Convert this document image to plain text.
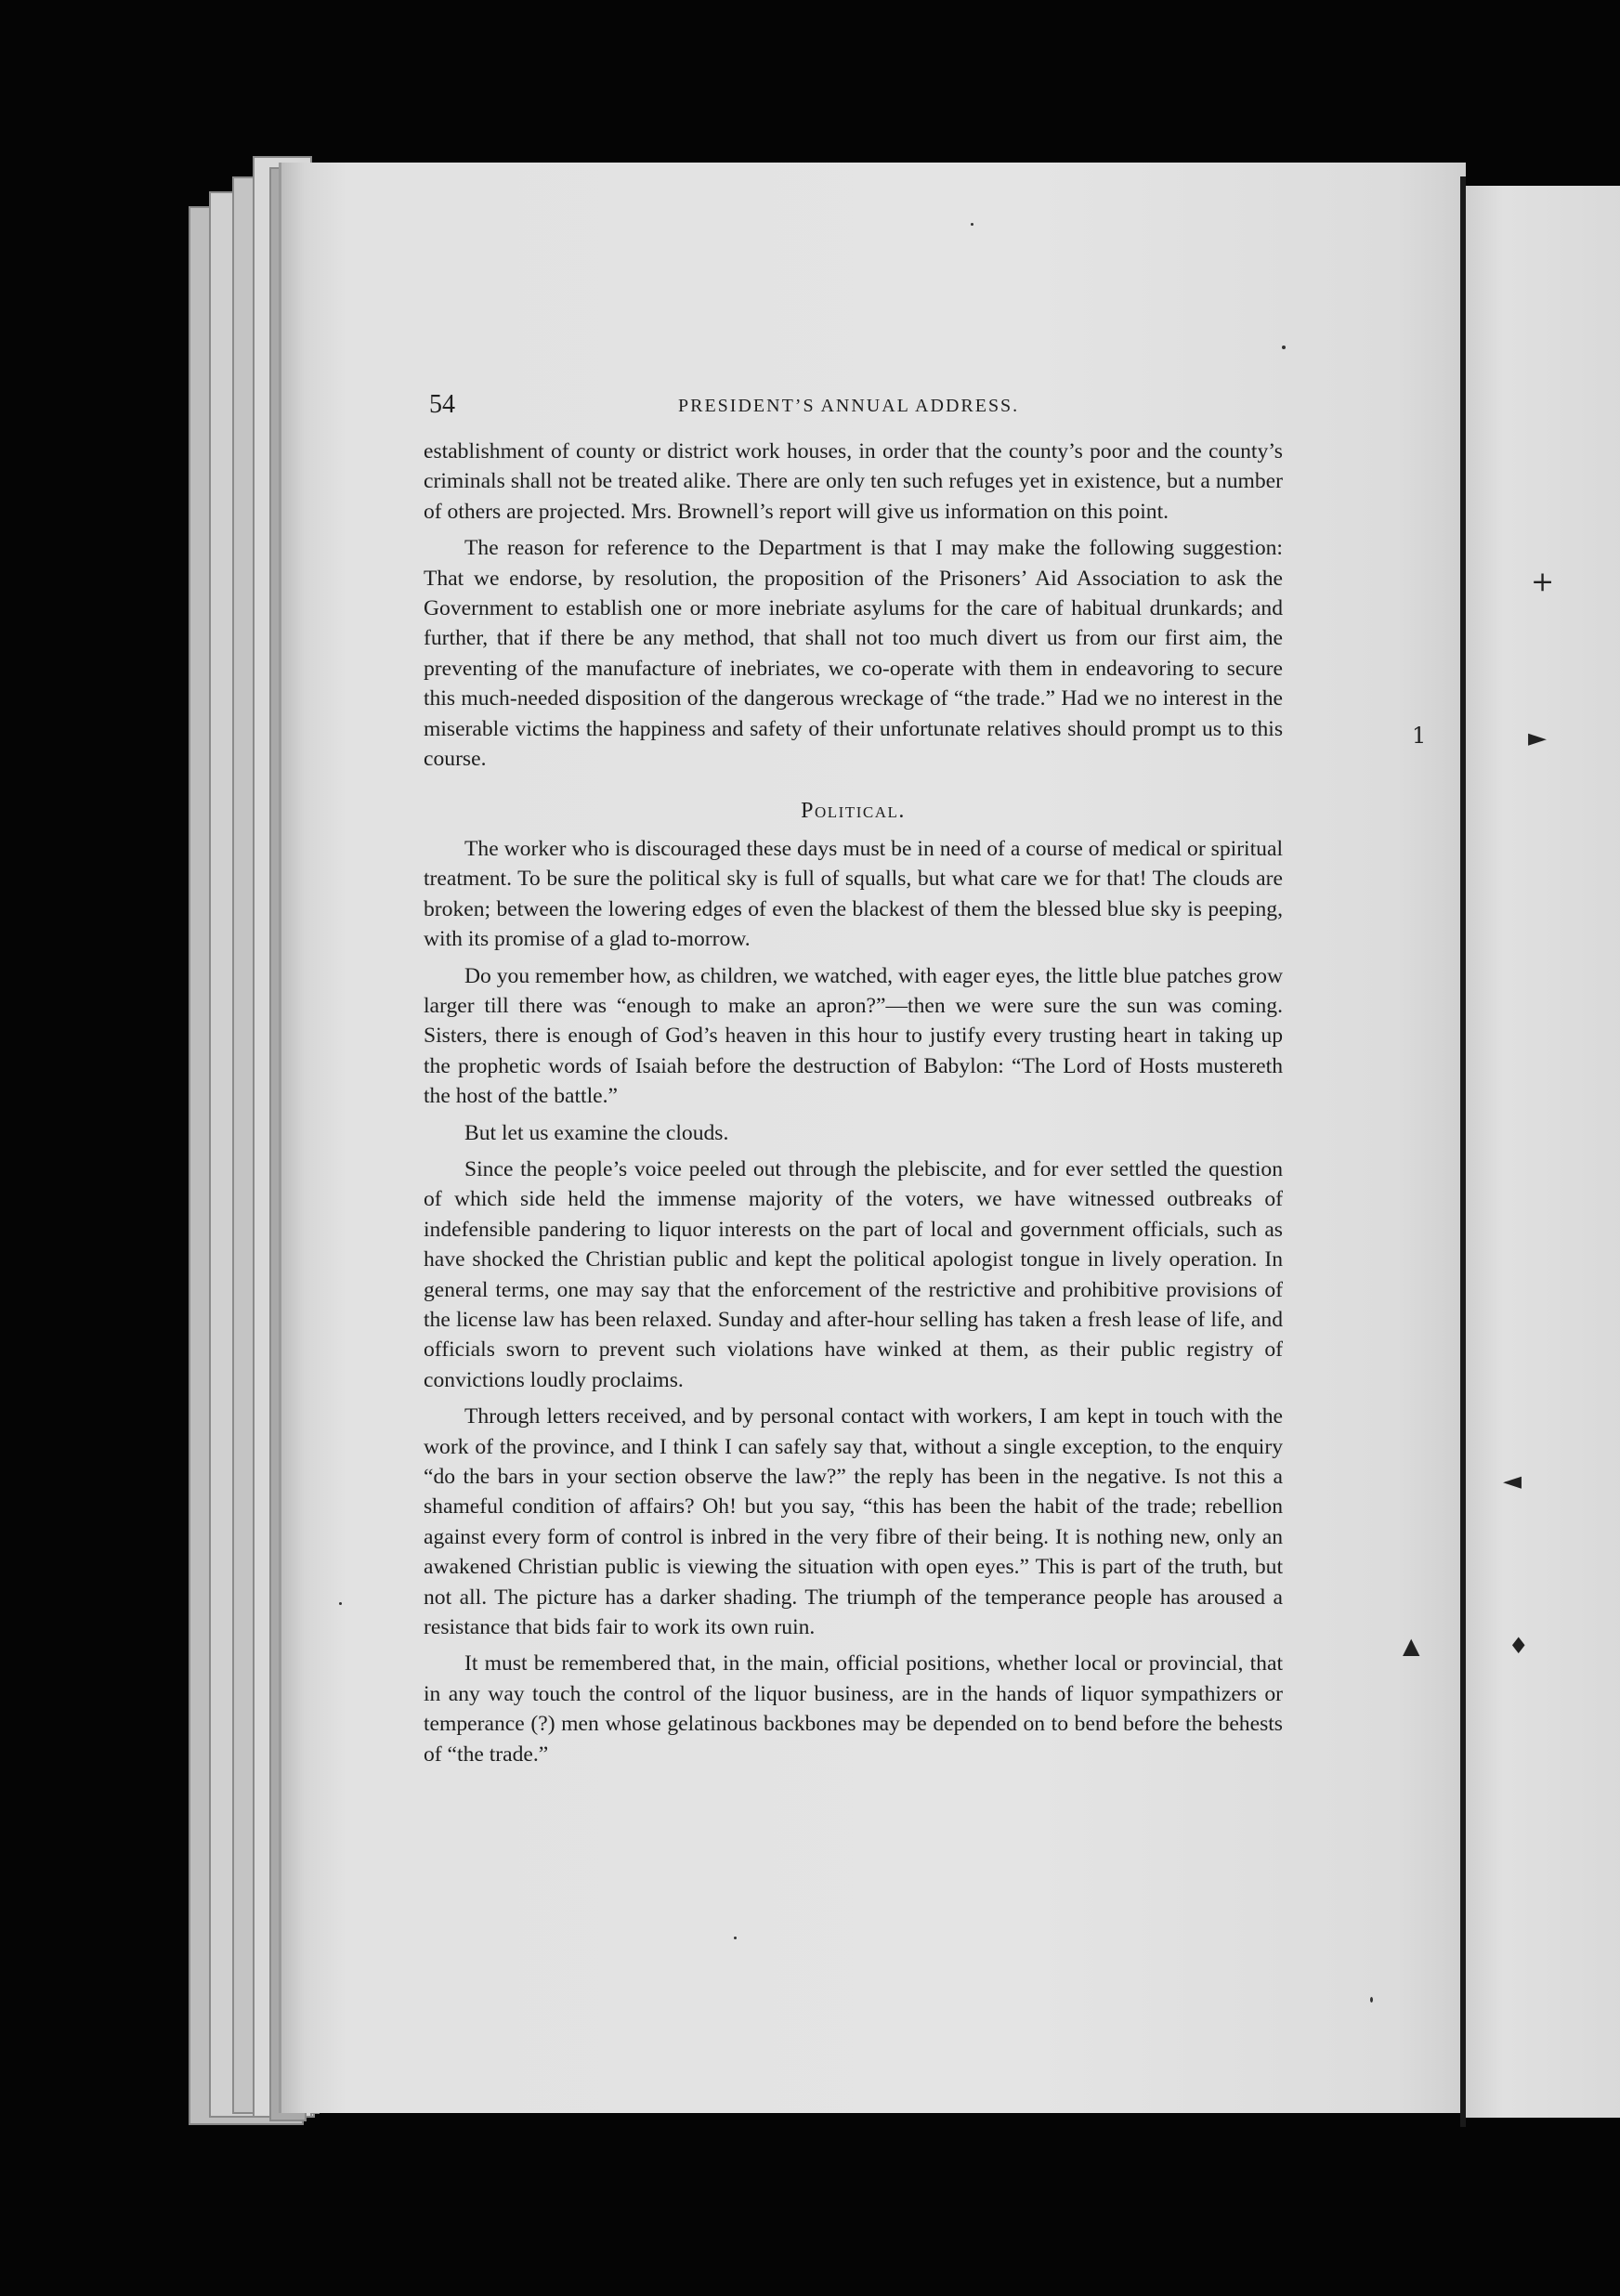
+
1	►
◄
▲	♦
54	PRESIDENT’S ANNUAL ADDRESS.

establishment of county or district work houses, in order that the county’s poor and the county’s criminals shall not be treated alike. There are only ten such refuges yet in existence, but a number of others are projected. Mrs. Brownell’s report will give us information on this point.

The reason for reference to the Department is that I may make the following suggestion: That we endorse, by resolution, the proposition of the Prisoners’ Aid Association to ask the Government to establish one or more inebriate asylums for the care of habitual drunkards; and further, that if there be any method, that shall not too much divert us from our first aim, the preventing of the manufacture of inebriates, we co-operate with them in endeavoring to secure this much-needed disposition of the dangerous wreckage of “the trade.” Had we no interest in the miserable victims the happiness and safety of their unfortunate relatives should prompt us to this course.

Political.

The worker who is discouraged these days must be in need of a course of medical or spiritual treatment. To be sure the political sky is full of squalls, but what care we for that! The clouds are broken; between the lowering edges of even the blackest of them the blessed blue sky is peeping, with its promise of a glad to-morrow.

Do you remember how, as children, we watched, with eager eyes, the little blue patches grow larger till there was “enough to make an apron?”—then we were sure the sun was coming. Sisters, there is enough of God’s heaven in this hour to justify every trusting heart in taking up the prophetic words of Isaiah before the destruction of Babylon: “The Lord of Hosts mustereth the host of the battle.”

But let us examine the clouds.

Since the people’s voice peeled out through the plebiscite, and for ever settled the question of which side held the immense majority of the voters, we have witnessed outbreaks of indefensible pandering to liquor interests on the part of local and government officials, such as have shocked the Christian public and kept the political apologist tongue in lively operation. In general terms, one may say that the enforcement of the restrictive and prohibitive provisions of the license law has been relaxed. Sunday and after-hour selling has taken a fresh lease of life, and officials sworn to prevent such violations have winked at them, as their public registry of convictions loudly proclaims.

Through letters received, and by personal contact with workers, I am kept in touch with the work of the province, and I think I can safely say that, without a single exception, to the enquiry “do the bars in your section observe the law?” the reply has been in the negative. Is not this a shameful condition of affairs? Oh! but you say, “this has been the habit of the trade; rebellion against every form of control is inbred in the very fibre of their being. It is nothing new, only an awakened Christian public is viewing the situation with open eyes.” This is part of the truth, but not all. The picture has a darker shading. The triumph of the temperance people has aroused a resistance that bids fair to work its own ruin.

It must be remembered that, in the main, official positions, whether local or provincial, that in any way touch the control of the liquor business, are in the hands of liquor sympathizers or temperance (?) men whose gelatinous backbones may be depended on to bend before the behests of “the trade.”
